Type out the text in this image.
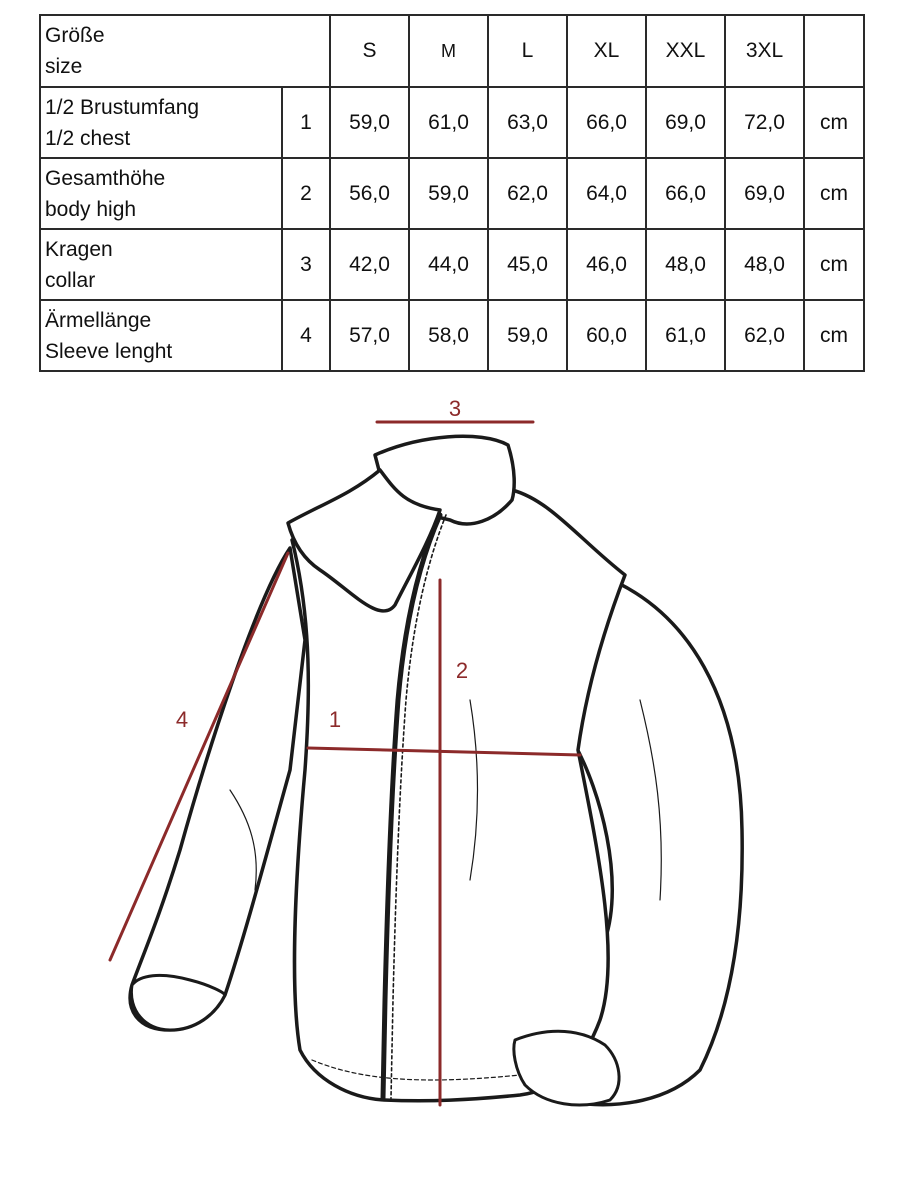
Größe
size		S	M	L	XL	XXL	3XL	

1/2 Brustumfang
1/2 chest	1	59,0	61,0	63,0	66,0	69,0	72,0	cm

Gesamthöhe
body high	2	56,0	59,0	62,0	64,0	66,0	69,0	cm

Kragen
collar	3	42,0	44,0	45,0	46,0	48,0	48,0	cm

Ärmellänge
Sleeve lenght	4	57,0	58,0	59,0	60,0	61,0	62,0	cm
3
2
1
4
